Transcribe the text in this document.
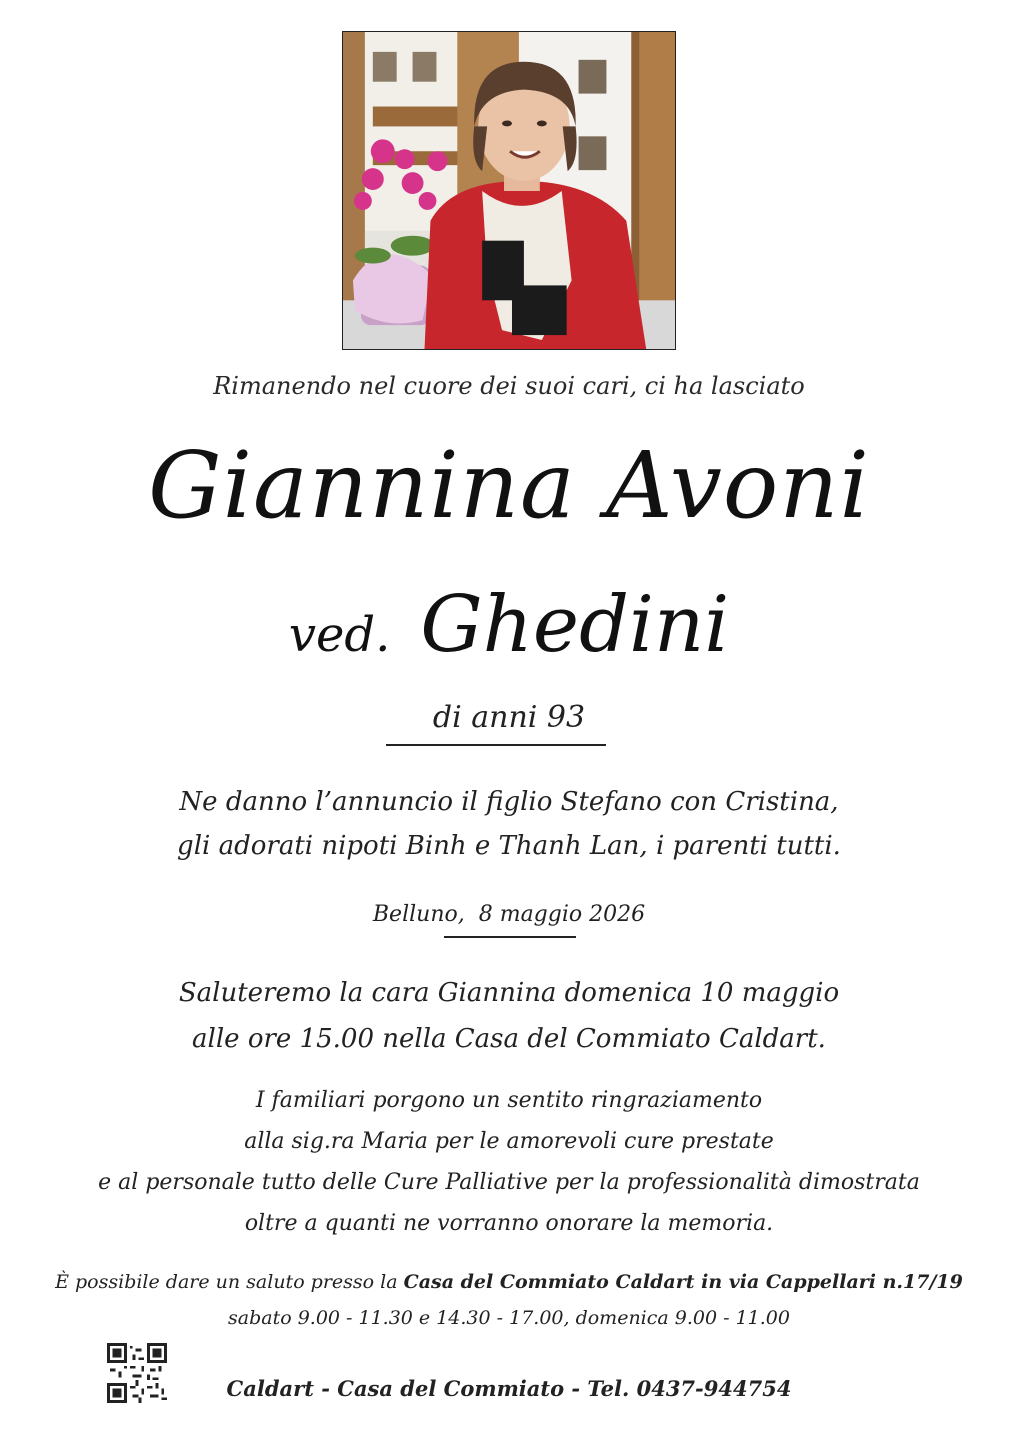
Rimanendo nel cuore dei suoi cari, ci ha lasciato
Giannina Avoni
ved. Ghedini
di anni 93
Ne danno l’annuncio il figlio Stefano con Cristina,
gli adorati nipoti Binh e Thanh Lan, i parenti tutti.
Belluno,  8 maggio 2026
Saluteremo la cara Giannina domenica 10 maggio
alle ore 15.00 nella Casa del Commiato Caldart.
I familiari porgono un sentito ringraziamento
alla sig.ra Maria per le amorevoli cure prestate
e al personale tutto delle Cure Palliative per la professionalità dimostrata
oltre a quanti ne vorranno onorare la memoria.
È possibile dare un saluto presso la Casa del Commiato Caldart in via Cappellari n.17/19
sabato 9.00 - 11.30 e 14.30 - 17.00, domenica 9.00 - 11.00
Caldart - Casa del Commiato - Tel. 0437-944754
